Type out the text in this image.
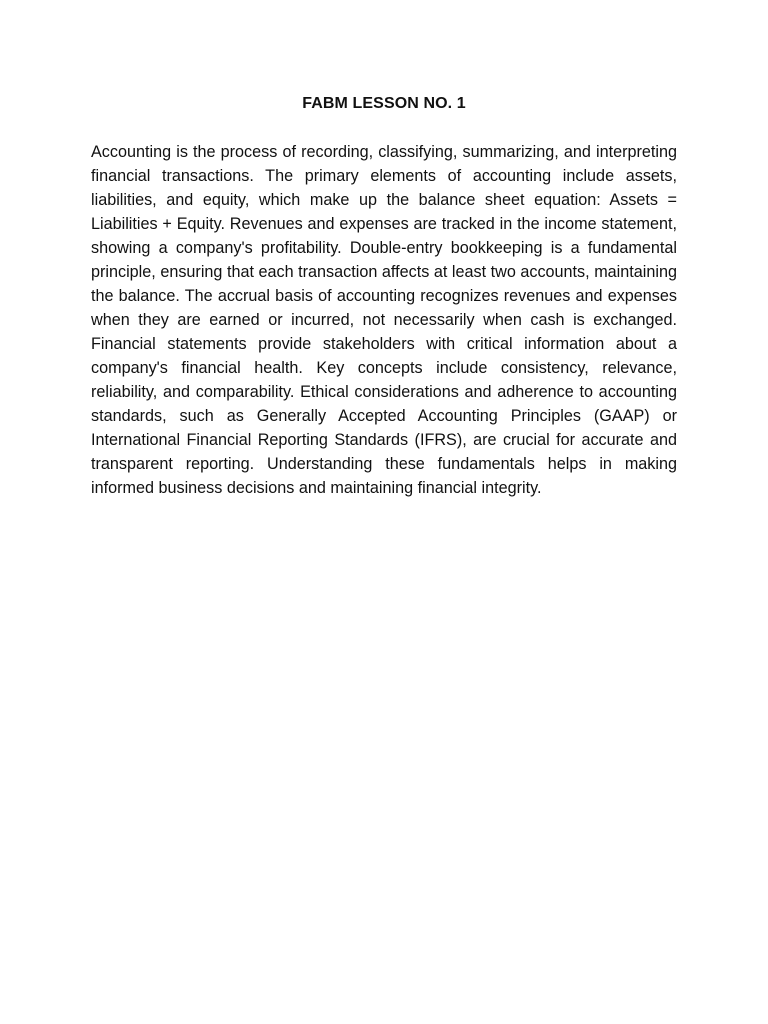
FABM LESSON NO. 1

Accounting is the process of recording, classifying, summarizing, and interpreting financial transactions. The primary elements of accounting include assets, liabilities, and equity, which make up the balance sheet equation: Assets = Liabilities + Equity. Revenues and expenses are tracked in the income statement, showing a company's profitability. Double-entry bookkeeping is a fundamental principle, ensuring that each transaction affects at least two accounts, maintaining the balance. The accrual basis of accounting recognizes revenues and expenses when they are earned or incurred, not necessarily when cash is exchanged. Financial statements provide stakeholders with critical information about a company's financial health. Key concepts include consistency, relevance, reliability, and comparability. Ethical considerations and adherence to accounting standards, such as Generally Accepted Accounting Principles (GAAP) or International Financial Reporting Standards (IFRS), are crucial for accurate and transparent reporting. Understanding these fundamentals helps in making informed business decisions and maintaining financial integrity.
